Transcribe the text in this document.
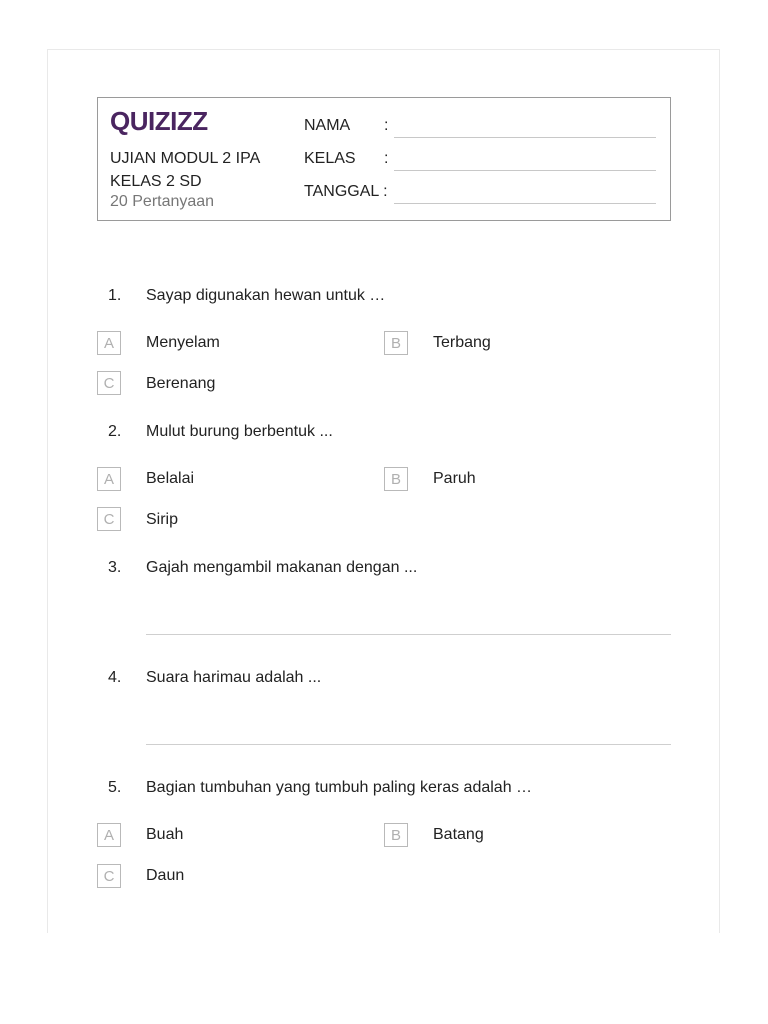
QUIZIZZ
UJIAN MODUL 2 IPA
KELAS 2 SD
20 Pertanyaan
NAMA :
KELAS :
TANGGAL :
1. Sayap digunakan hewan untuk …
A	Menyelam	B	Terbang
C	Berenang
2. Mulut burung berbentuk ...
A	Belalai	B	Paruh
C	Sirip
3. Gajah mengambil makanan dengan ...
4. Suara harimau adalah ...
5. Bagian tumbuhan yang tumbuh paling keras adalah …
A	Buah	B	Batang
C	Daun
